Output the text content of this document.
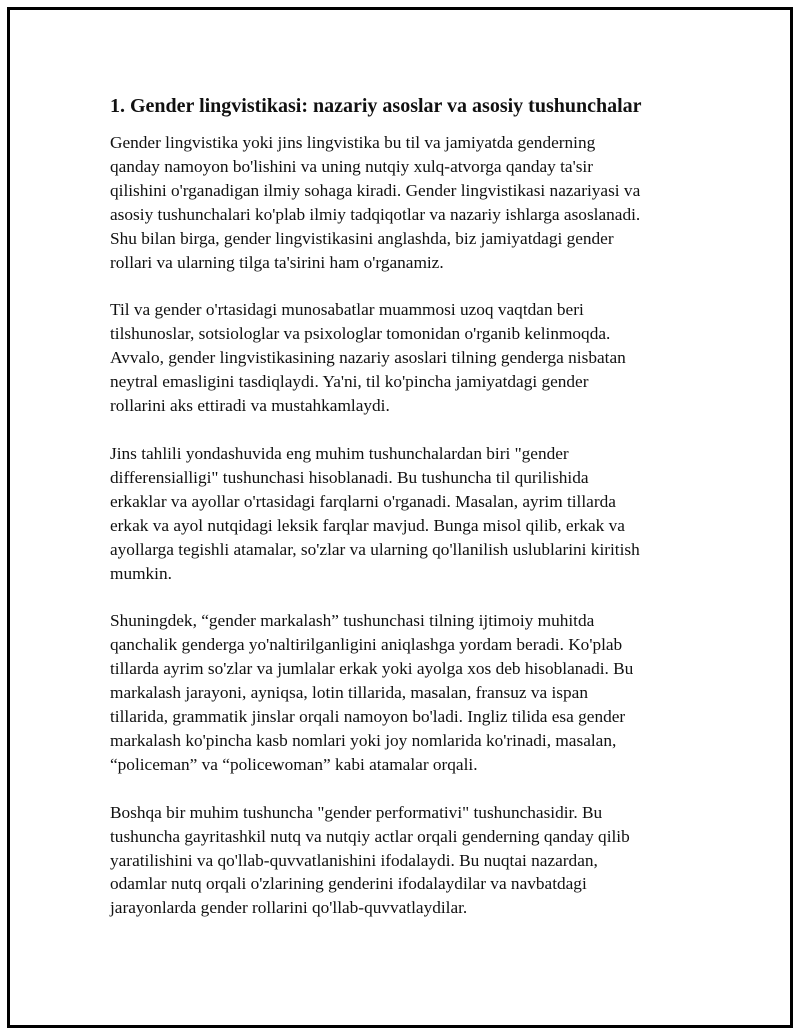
1. Gender lingvistikasi: nazariy asoslar va asosiy tushunchalar

Gender lingvistika yoki jins lingvistika bu til va jamiyatda genderning
qanday namoyon bo'lishini va uning nutqiy xulq-atvorga qanday ta'sir
qilishini o'rganadigan ilmiy sohaga kiradi. Gender lingvistikasi nazariyasi va
asosiy tushunchalari ko'plab ilmiy tadqiqotlar va nazariy ishlarga asoslanadi.
Shu bilan birga, gender lingvistikasini anglashda, biz jamiyatdagi gender
rollari va ularning tilga ta'sirini ham o'rganamiz.

Til va gender o'rtasidagi munosabatlar muammosi uzoq vaqtdan beri
tilshunoslar, sotsiologlar va psixologlar tomonidan o'rganib kelinmoqda.
Avvalo, gender lingvistikasining nazariy asoslari tilning genderga nisbatan
neytral emasligini tasdiqlaydi. Ya'ni, til ko'pincha jamiyatdagi gender
rollarini aks ettiradi va mustahkamlaydi.

Jins tahlili yondashuvida eng muhim tushunchalardan biri "gender
differensialligi" tushunchasi hisoblanadi. Bu tushuncha til qurilishida
erkaklar va ayollar o'rtasidagi farqlarni o'rganadi. Masalan, ayrim tillarda
erkak va ayol nutqidagi leksik farqlar mavjud. Bunga misol qilib, erkak va
ayollarga tegishli atamalar, so'zlar va ularning qo'llanilish uslublarini kiritish
mumkin.

Shuningdek, “gender markalash” tushunchasi tilning ijtimoiy muhitda
qanchalik genderga yo'naltirilganligini aniqlashga yordam beradi. Ko'plab
tillarda ayrim so'zlar va jumlalar erkak yoki ayolga xos deb hisoblanadi. Bu
markalash jarayoni, ayniqsa, lotin tillarida, masalan, fransuz va ispan
tillarida, grammatik jinslar orqali namoyon bo'ladi. Ingliz tilida esa gender
markalash ko'pincha kasb nomlari yoki joy nomlarida ko'rinadi, masalan,
“policeman” va “policewoman” kabi atamalar orqali.

Boshqa bir muhim tushuncha "gender performativi" tushunchasidir. Bu
tushuncha gayritashkil nutq va nutqiy actlar orqali genderning qanday qilib
yaratilishini va qo'llab-quvvatlanishini ifodalaydi. Bu nuqtai nazardan,
odamlar nutq orqali o'zlarining genderini ifodalaydilar va navbatdagi
jarayonlarda gender rollarini qo'llab-quvvatlaydilar.
